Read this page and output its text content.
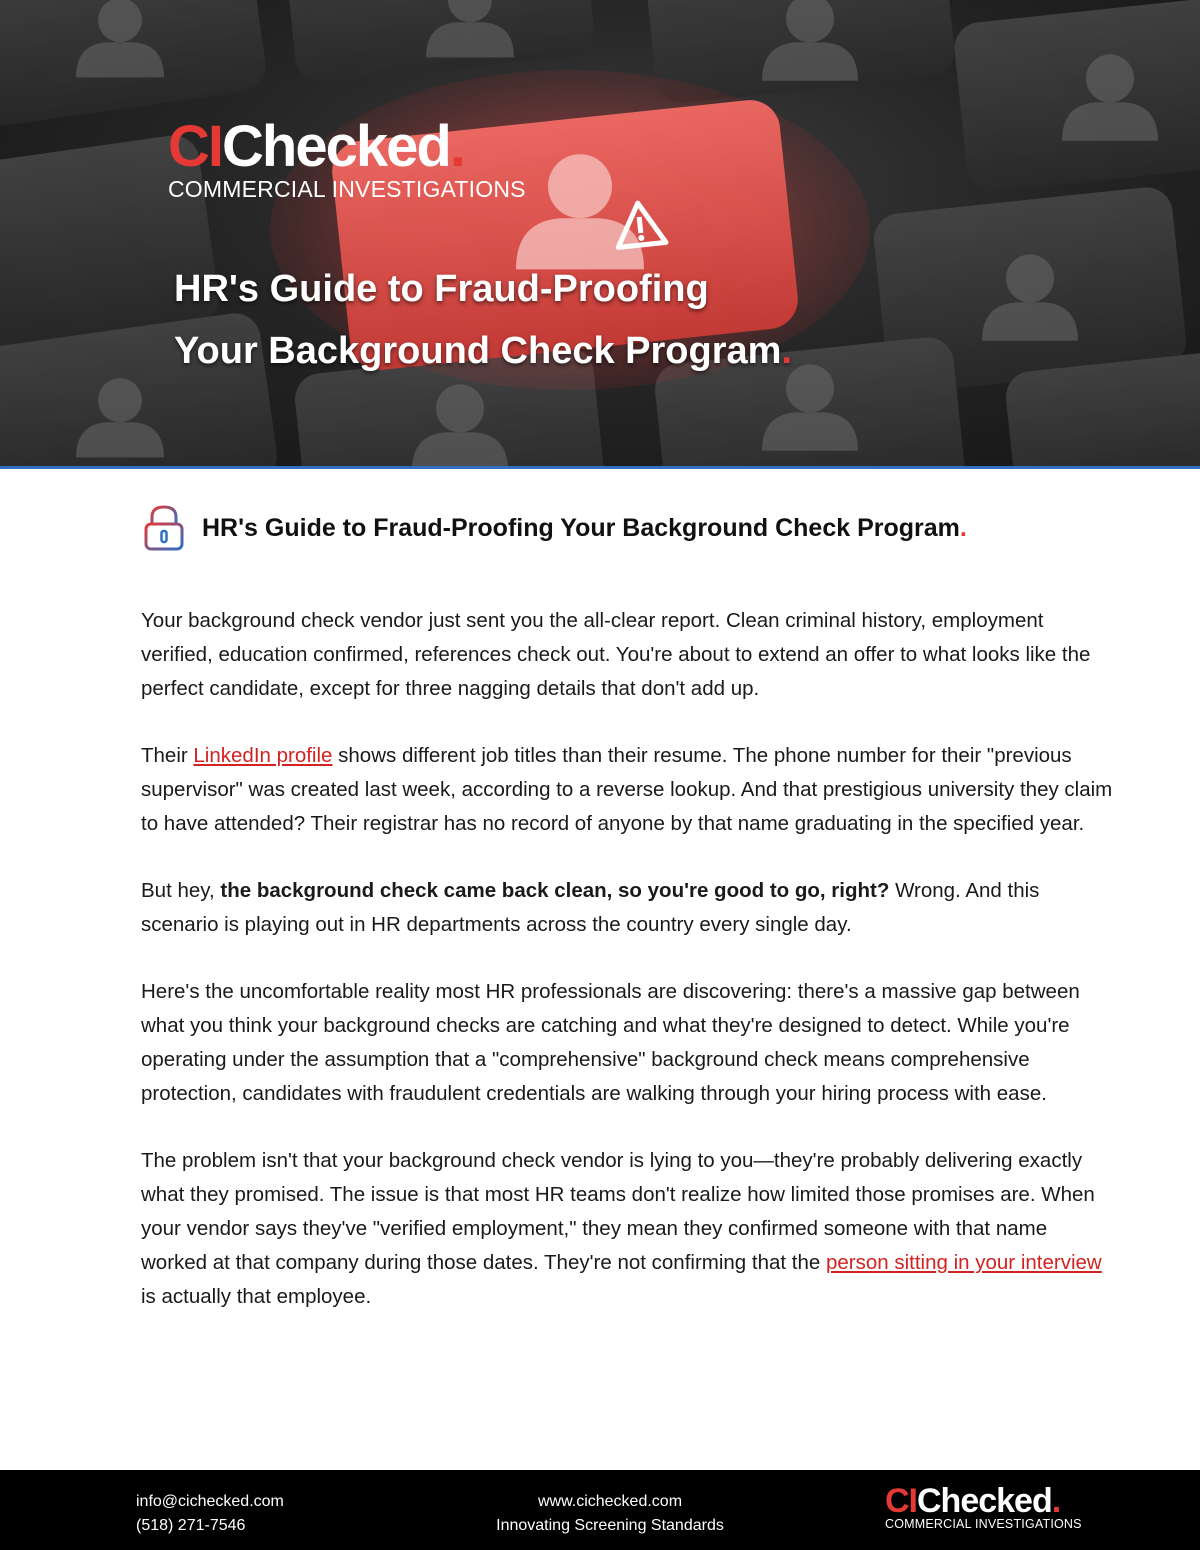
CIChecked.
COMMERCIAL INVESTIGATIONS
HR's Guide to Fraud-Proofing
Your Background Check Program.
HR's Guide to Fraud-Proofing Your Background Check Program.

Your background check vendor just sent you the all-clear report. Clean criminal history, employment verified, education confirmed, references check out. You're about to extend an offer to what looks like the perfect candidate, except for three nagging details that don't add up.

Their LinkedIn profile shows different job titles than their resume. The phone number for their "previous supervisor" was created last week, according to a reverse lookup. And that prestigious university they claim to have attended? Their registrar has no record of anyone by that name graduating in the specified year.

But hey, the background check came back clean, so you're good to go, right? Wrong. And this scenario is playing out in HR departments across the country every single day.

Here's the uncomfortable reality most HR professionals are discovering: there's a massive gap between what you think your background checks are catching and what they're designed to detect. While you're operating under the assumption that a "comprehensive" background check means comprehensive protection, candidates with fraudulent credentials are walking through your hiring process with ease.

The problem isn't that your background check vendor is lying to you—they're probably delivering exactly what they promised. The issue is that most HR teams don't realize how limited those promises are. When your vendor says they've "verified employment," they mean they confirmed someone with that name worked at that company during those dates. They're not confirming that the person sitting in your interview is actually that employee.

info@cichecked.com
(518) 271-7546
www.cichecked.com
Innovating Screening Standards
CIChecked.
COMMERCIAL INVESTIGATIONS
